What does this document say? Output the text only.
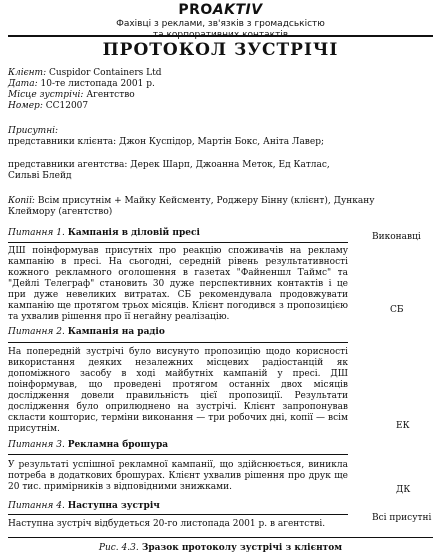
PROAKTIV
Фахівці з реклами, зв'язків з громадськістю
та корпоративних контактів
ПРОТОКОЛ ЗУСТРІЧІ
Клієнт: Cuspidor Containers Ltd
Дата: 10-те листопада 2001 р.
Місце зустрічі: Агентство
Номер: СС12007
Присутні:
представники клієнта: Джон Куспідор, Мартін Бокс, Аніта Лавер;
представники агентства: Дерек Шарп, Джоанна Меток, Ед Катлас,
Сильві Блейд
Копії: Всім присутнім + Майку Кейсменту, Роджеру Бінну (клієнт), Дункану Клеймору (агентство)
Виконавці
Питання 1. Кампанія в діловій пресі
ДШ поінформував присутніх про реакцію споживачів на рекламу кампанію в пресі. На сьогодні, середній рівень результативності кожного рекламного оголошення в газетах "Файненшл Таймс" та "Дейлі Телеграф" становить 30 дуже перспективних контактів і це при дуже невеликих витратах. СБ рекомендувала продовжувати кампанію ще протягом трьох місяців. Клієнт погодився з пропозицією та ухвалив рішення про її негайну реалізацію.
СБ
Питання 2. Кампанія на радіо
На попередній зустрічі було висунуто пропозицію щодо корисності використання деяких незалежних місцевих радіостанцій як допоміжного засобу в ході майбутніх кампаній у пресі. ДШ поінформував, що проведені протягом останніх двох місяців дослідження довели правильність цієї пропозиції. Результати дослідження було оприлюднено на зустрічі. Клієнт запропонував скласти кошторис, терміни виконання — три робочих дні, копії — всім присутнім.	ЕК
Питання 3. Рекламна брошура
У результаті успішної рекламної кампанії, що здійснюється, виникла потреба в додаткових брошурах. Клієнт ухвалив рішення про друк ще 20 тис. примірників з відповідними знижками.	ДК
Питання 4. Наступна зустріч
Наступна зустріч відбудеться 20-го листопада 2001 р. в агентстві.
Всі присутні
Рис. 4.3. Зразок протоколу зустрічі з клієнтом
